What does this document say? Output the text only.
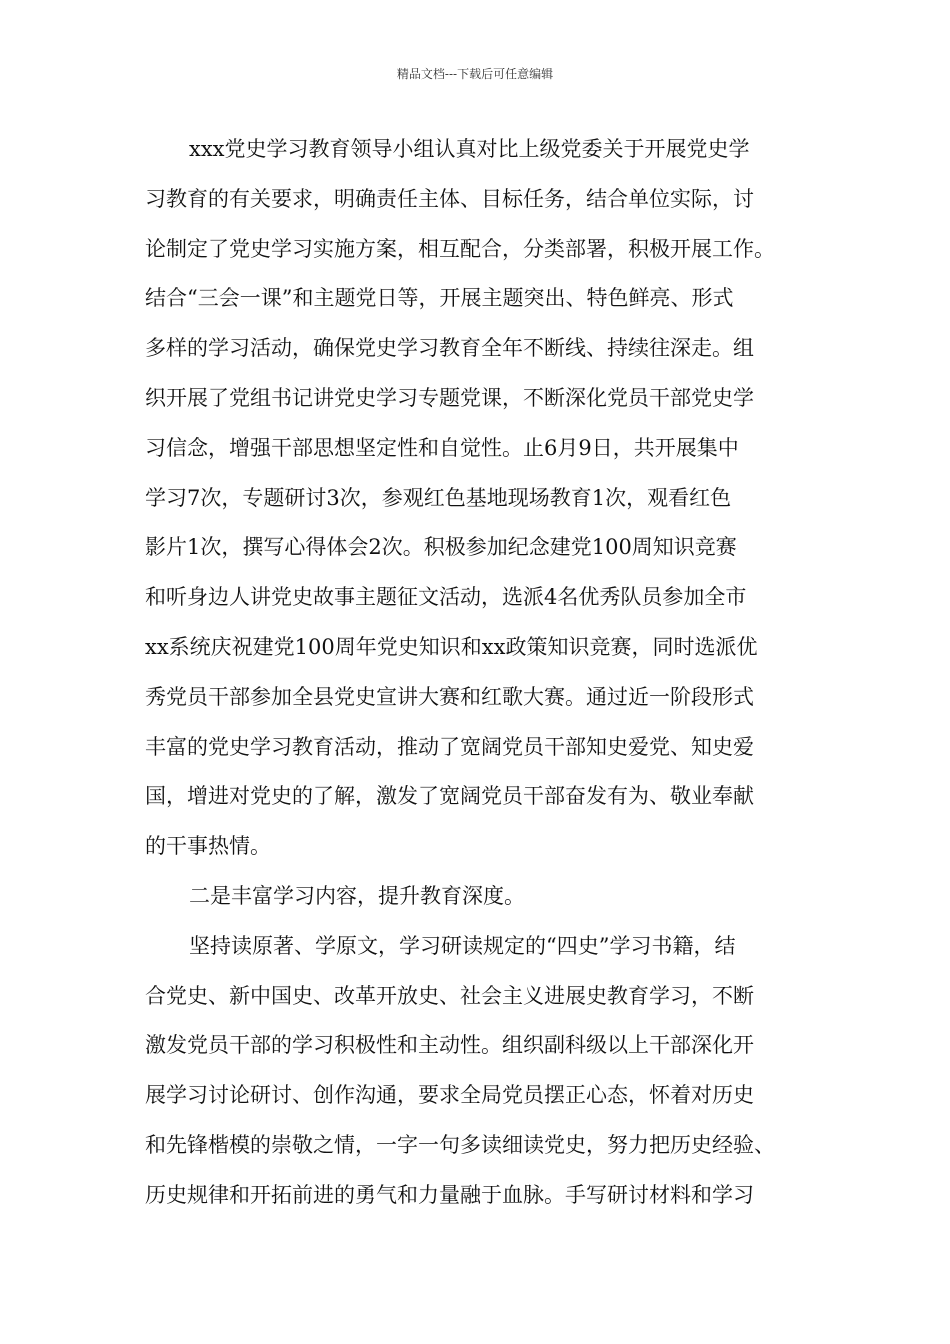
精品文档---下载后可任意编辑
xxx党史学习教育领导小组认真对比上级党委关于开展党史学
习教育的有关要求，明确责任主体、目标任务，结合单位实际，讨
论制定了党史学习实施方案，相互配合，分类部署，积极开展工作。
结合“三会一课”和主题党日等，开展主题突出、特色鲜亮、形式
多样的学习活动，确保党史学习教育全年不断线、持续往深走。组
织开展了党组书记讲党史学习专题党课，不断深化党员干部党史学
习信念，增强干部思想坚定性和自觉性。止6月9日，共开展集中
学习7次，专题研讨3次，参观红色基地现场教育1次，观看红色
影片1次，撰写心得体会2次。积极参加纪念建党100周知识竞赛
和听身边人讲党史故事主题征文活动，选派4名优秀队员参加全市
xx系统庆祝建党100周年党史知识和xx政策知识竞赛，同时选派优
秀党员干部参加全县党史宣讲大赛和红歌大赛。通过近一阶段形式
丰富的党史学习教育活动，推动了宽阔党员干部知史爱党、知史爱
国，增进对党史的了解，激发了宽阔党员干部奋发有为、敬业奉献
的干事热情。
二是丰富学习内容，提升教育深度。
坚持读原著、学原文，学习研读规定的“四史”学习书籍，结
合党史、新中国史、改革开放史、社会主义进展史教育学习，不断
激发党员干部的学习积极性和主动性。组织副科级以上干部深化开
展学习讨论研讨、创作沟通，要求全局党员摆正心态，怀着对历史
和先锋楷模的崇敬之情，一字一句多读细读党史，努力把历史经验、
历史规律和开拓前进的勇气和力量融于血脉。手写研讨材料和学习
